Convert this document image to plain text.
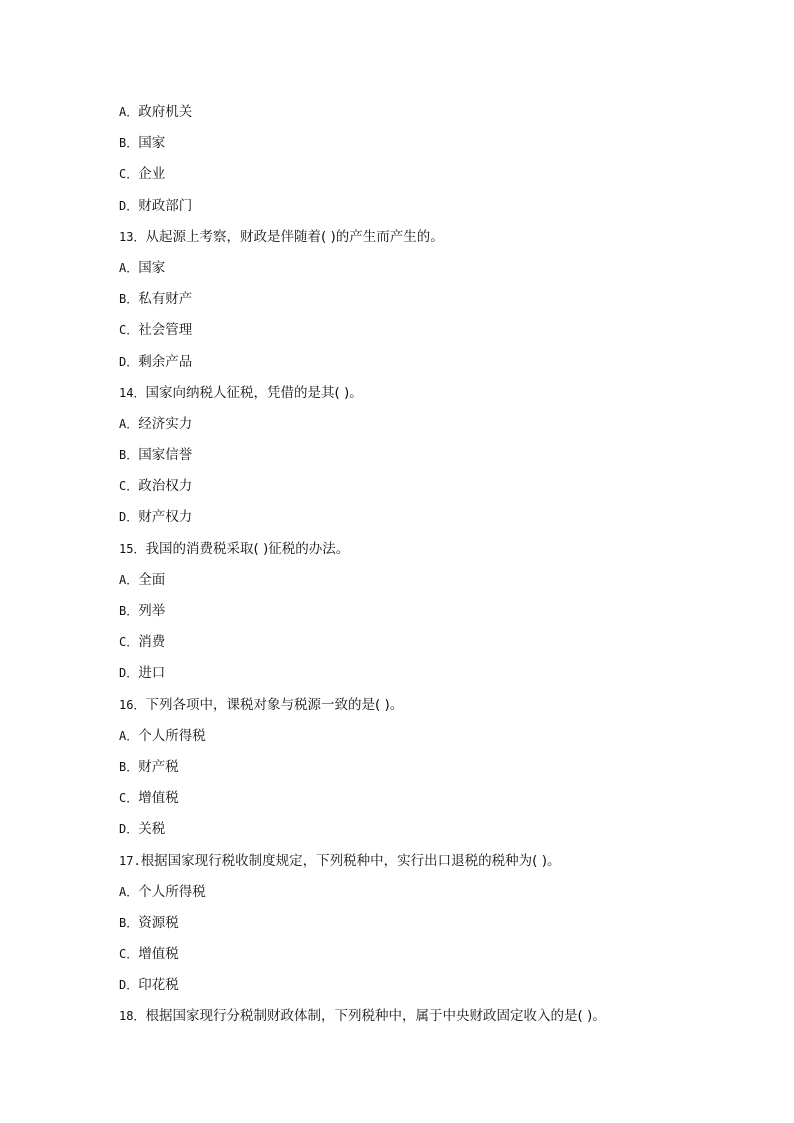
A．政府机关
B．国家
C．企业
D．财政部门
13．从起源上考察，财政是伴随着( )的产生而产生的。
A．国家
B．私有财产
C．社会管理
D．剩余产品
14．国家向纳税人征税，凭借的是其( )。
A．经济实力
B．国家信誉
C．政治权力
D．财产权力
15．我国的消费税采取( )征税的办法。
A．全面
B．列举
C．消费
D．进口
16．下列各项中，课税对象与税源一致的是( )。
A．个人所得税
B．财产税
C．增值税
D．关税
17.根据国家现行税收制度规定，下列税种中，实行出口退税的税种为( )。
A．个人所得税
B．资源税
C．增值税
D．印花税
18．根据国家现行分税制财政体制，下列税种中，属于中央财政固定收入的是( )。
